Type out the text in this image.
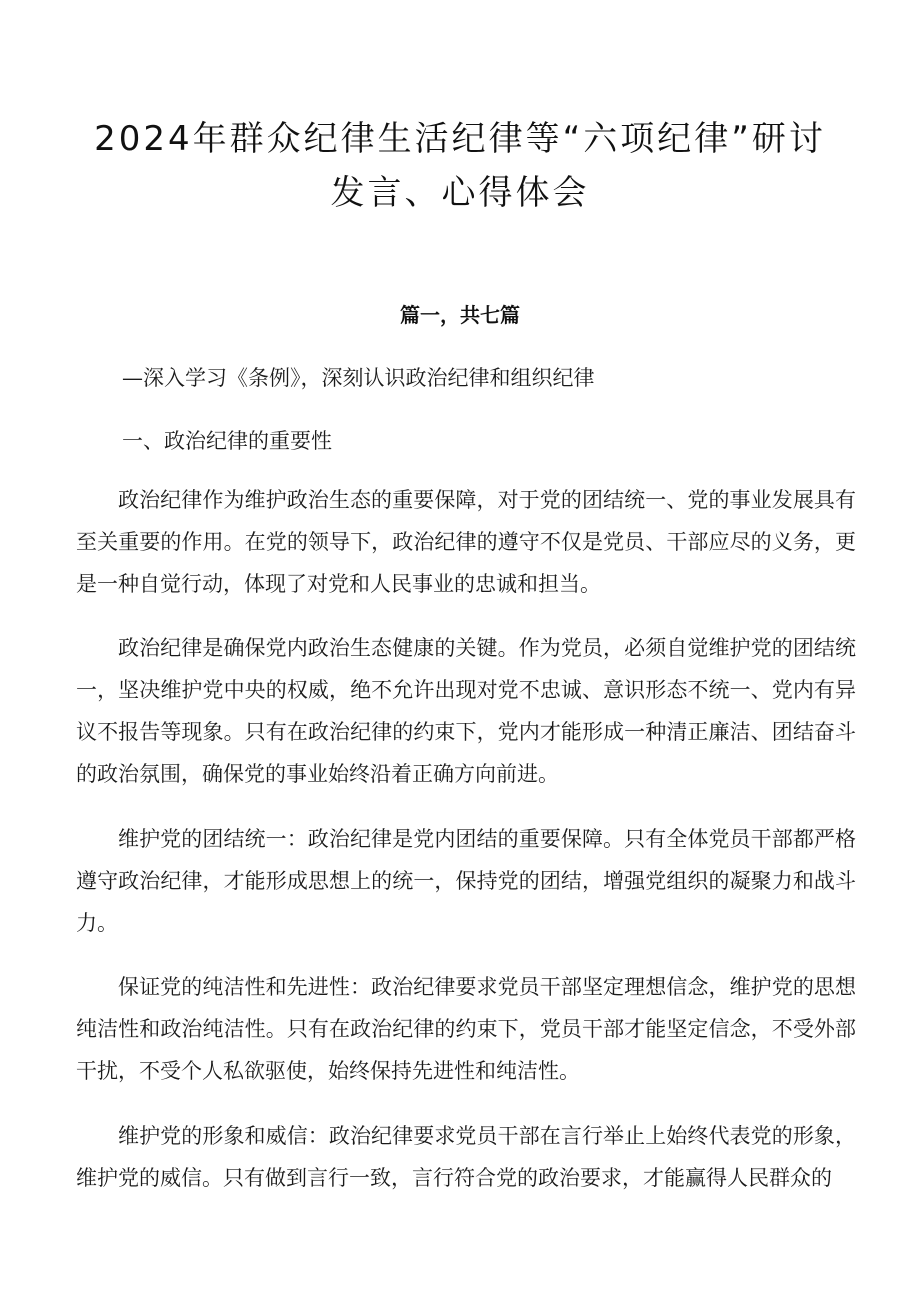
2024年群众纪律生活纪律等“六项纪律”研讨发言、心得体会
篇一，共七篇
—深入学习《条例》，深刻认识政治纪律和组织纪律
一、政治纪律的重要性

政治纪律作为维护政治生态的重要保障，对于党的团结统一、党的事业发展具有至关重要的作用。在党的领导下，政治纪律的遵守不仅是党员、干部应尽的义务，更是一种自觉行动，体现了对党和人民事业的忠诚和担当。

政治纪律是确保党内政治生态健康的关键。作为党员，必须自觉维护党的团结统一，坚决维护党中央的权威，绝不允许出现对党不忠诚、意识形态不统一、党内有异议不报告等现象。只有在政治纪律的约束下，党内才能形成一种清正廉洁、团结奋斗的政治氛围，确保党的事业始终沿着正确方向前进。

维护党的团结统一：政治纪律是党内团结的重要保障。只有全体党员干部都严格遵守政治纪律，才能形成思想上的统一，保持党的团结，增强党组织的凝聚力和战斗力。

保证党的纯洁性和先进性：政治纪律要求党员干部坚定理想信念，维护党的思想纯洁性和政治纯洁性。只有在政治纪律的约束下，党员干部才能坚定信念，不受外部干扰，不受个人私欲驱使，始终保持先进性和纯洁性。

维护党的形象和威信：政治纪律要求党员干部在言行举止上始终代表党的形象，维护党的威信。只有做到言行一致，言行符合党的政治要求，才能赢得人民群众的
